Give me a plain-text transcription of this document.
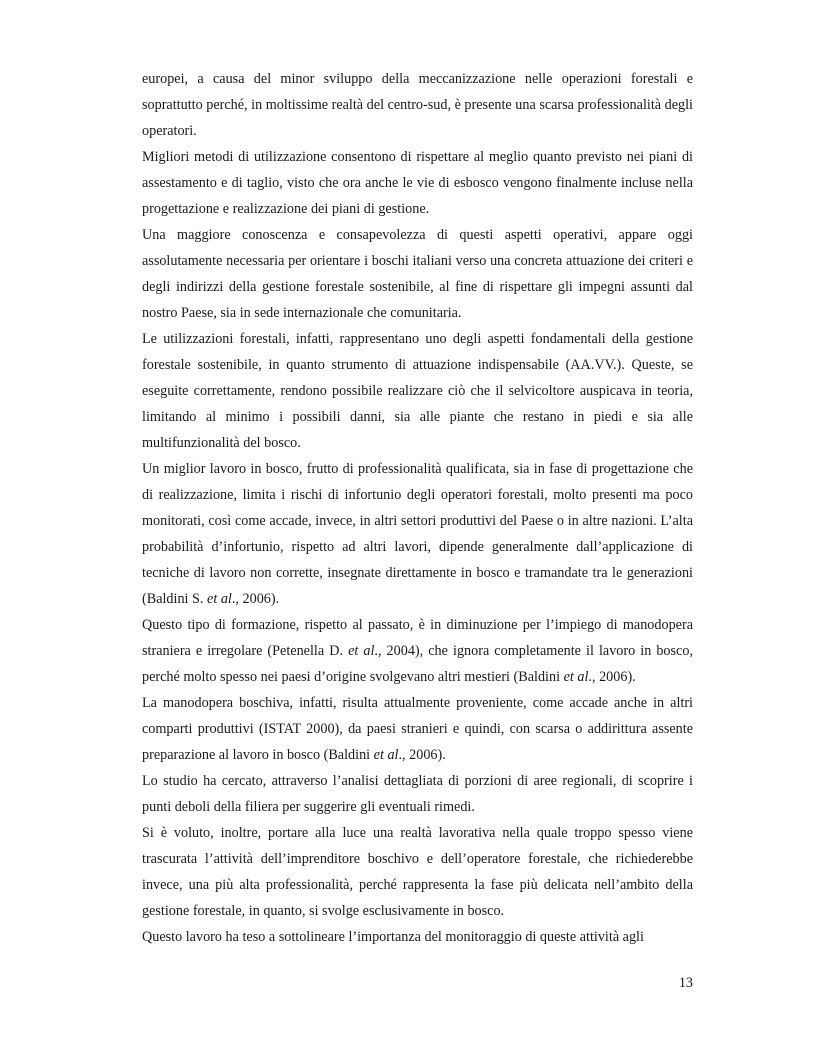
europei, a causa del minor sviluppo della meccanizzazione nelle operazioni forestali e soprattutto perché, in moltissime realtà del centro-sud, è presente una scarsa professionalità degli operatori.

Migliori metodi di utilizzazione consentono di rispettare al meglio quanto previsto nei piani di assestamento e di taglio, visto che ora anche le vie di esbosco vengono finalmente incluse nella progettazione e realizzazione dei piani di gestione.

Una maggiore conoscenza e consapevolezza di questi aspetti operativi, appare oggi assolutamente necessaria per orientare i boschi italiani verso una concreta attuazione dei criteri e degli indirizzi della gestione forestale sostenibile, al fine di rispettare gli impegni assunti dal nostro Paese, sia in sede internazionale che comunitaria.

Le utilizzazioni forestali, infatti, rappresentano uno degli aspetti fondamentali della gestione forestale sostenibile, in quanto strumento di attuazione indispensabile (AA.VV.). Queste, se eseguite correttamente, rendono possibile realizzare ciò che il selvicoltore auspicava in teoria, limitando al minimo i possibili danni, sia alle piante che restano in piedi e sia alle multifunzionalità del bosco.

Un miglior lavoro in bosco, frutto di professionalità qualificata, sia in fase di progettazione che di realizzazione, limita i rischi di infortunio degli operatori forestali, molto presenti ma poco monitorati, così come accade, invece, in altri settori produttivi del Paese o in altre nazioni. L’alta probabilità d’infortunio, rispetto ad altri lavori, dipende generalmente dall’applicazione di tecniche di lavoro non corrette, insegnate direttamente in bosco e tramandate tra le generazioni (Baldini S. et al., 2006).

Questo tipo di formazione, rispetto al passato, è in diminuzione per l’impiego di manodopera straniera e irregolare (Petenella D. et al., 2004), che ignora completamente il lavoro in bosco, perché molto spesso nei paesi d’origine svolgevano altri mestieri (Baldini et al., 2006).

La manodopera boschiva, infatti, risulta attualmente proveniente, come accade anche in altri comparti produttivi (ISTAT 2000), da paesi stranieri e quindi, con scarsa o addirittura assente preparazione al lavoro in bosco (Baldini et al., 2006).

Lo studio ha cercato, attraverso l’analisi dettagliata di porzioni di aree regionali, di scoprire i punti deboli della filiera per suggerire gli eventuali rimedi.

Si è voluto, inoltre, portare alla luce una realtà lavorativa nella quale troppo spesso viene trascurata l’attività dell’imprenditore boschivo e dell’operatore forestale, che richiederebbe invece, una più alta professionalità, perché rappresenta la fase più delicata nell’ambito della gestione forestale, in quanto, si svolge esclusivamente in bosco.

Questo lavoro ha teso a sottolineare l’importanza del monitoraggio di queste attività agli

13
